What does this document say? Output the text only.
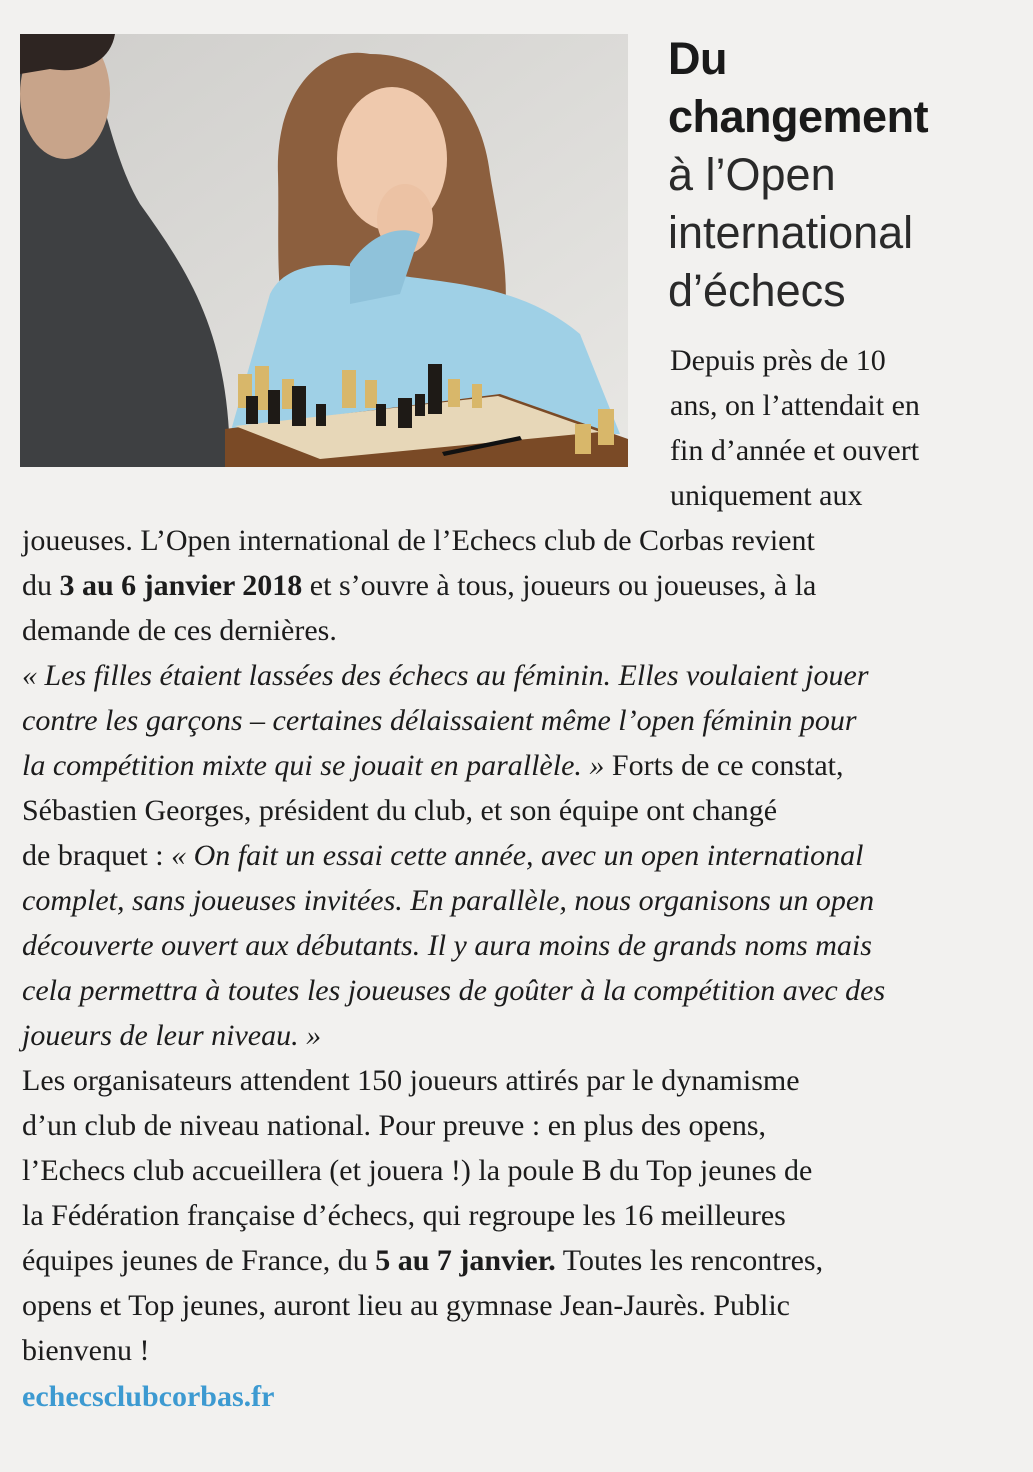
Du
changement
à l’Open
international
d’échecs
Depuis près de 10
ans, on l’attendait en
fin d’année et ouvert
uniquement aux
joueuses. L’Open international de l’Echecs club de Corbas revient
du 3 au 6 janvier 2018 et s’ouvre à tous, joueurs ou joueuses, à la
demande de ces dernières.
« Les filles étaient lassées des échecs au féminin. Elles voulaient jouer
contre les garçons – certaines délaissaient même l’open féminin pour
la compétition mixte qui se jouait en parallèle. » Forts de ce constat,
Sébastien Georges, président du club, et son équipe ont changé
de braquet : « On fait un essai cette année, avec un open international
complet, sans joueuses invitées. En parallèle, nous organisons un open
découverte ouvert aux débutants. Il y aura moins de grands noms mais
cela permettra à toutes les joueuses de goûter à la compétition avec des
joueurs de leur niveau. »
Les organisateurs attendent 150 joueurs attirés par le dynamisme
d’un club de niveau national. Pour preuve : en plus des opens,
l’Echecs club accueillera (et jouera !) la poule B du Top jeunes de
la Fédération française d’échecs, qui regroupe les 16 meilleures
équipes jeunes de France, du 5 au 7 janvier. Toutes les rencontres,
opens et Top jeunes, auront lieu au gymnase Jean-Jaurès. Public
bienvenu !
echecsclubcorbas.fr
